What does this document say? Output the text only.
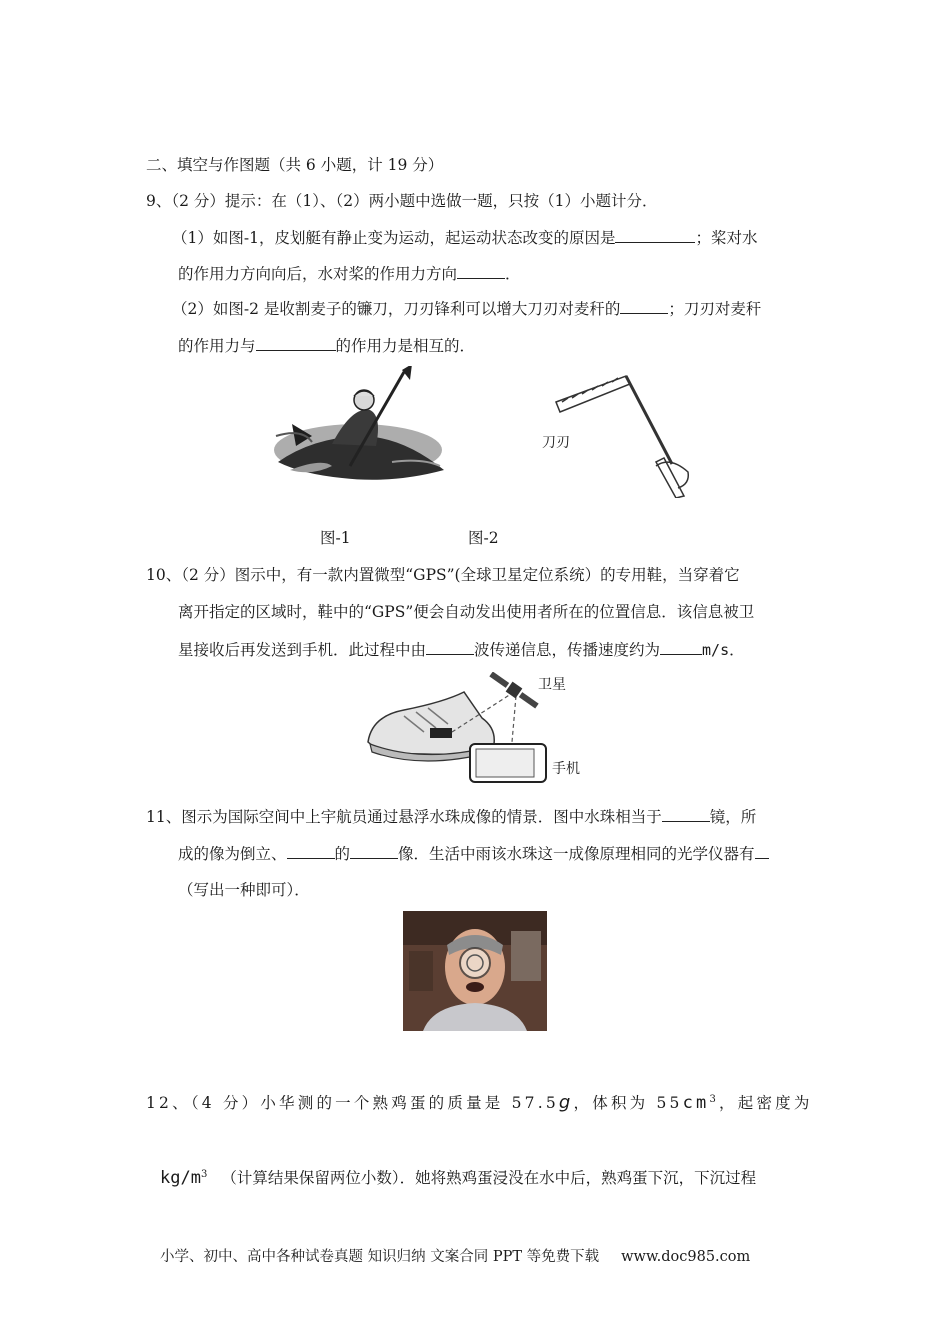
二、填空与作图题（共 6 小题，计 19 分）
9、（2 分）提示：在（1）、（2）两小题中选做一题，只按（1）小题计分．
（1）如图-1，皮划艇有静止变为运动，起运动状态改变的原因是	；桨对水
的作用力方向向后，水对桨的作用力方向	．
（2）如图-2 是收割麦子的镰刀，刀刃锋利可以增大刀刃对麦秆的	；刀刃对麦秆
的作用力与	的作用力是相互的．
刀刃
图-1	图-2
10、（2 分）图示中，有一款内置微型“GPS”(全球卫星定位系统）的专用鞋，当穿着它
离开指定的区域时，鞋中的“GPS”便会自动发出使用者所在的位置信息．该信息被卫
星接收后再发送到手机．此过程中由	波传递信息，传播速度约为	m/s．
卫星
手机
11、图示为国际空间中上宇航员通过悬浮水珠成像的情景．图中水珠相当于	镜，所
成的像为倒立、	的	像．生活中雨该水珠这一成像原理相同的光学仪器有
（写出一种即可）．
12、（4 分）小华测的一个熟鸡蛋的质量是 57.5g，体积为 $55cm^3$，起密度为
$kg/m^3$ （计算结果保留两位小数）．她将熟鸡蛋浸没在水中后，熟鸡蛋下沉，下沉过程
小学、初中、高中各种试卷真题 知识归纳 文案合同 PPT 等免费下载 www.doc985.com
